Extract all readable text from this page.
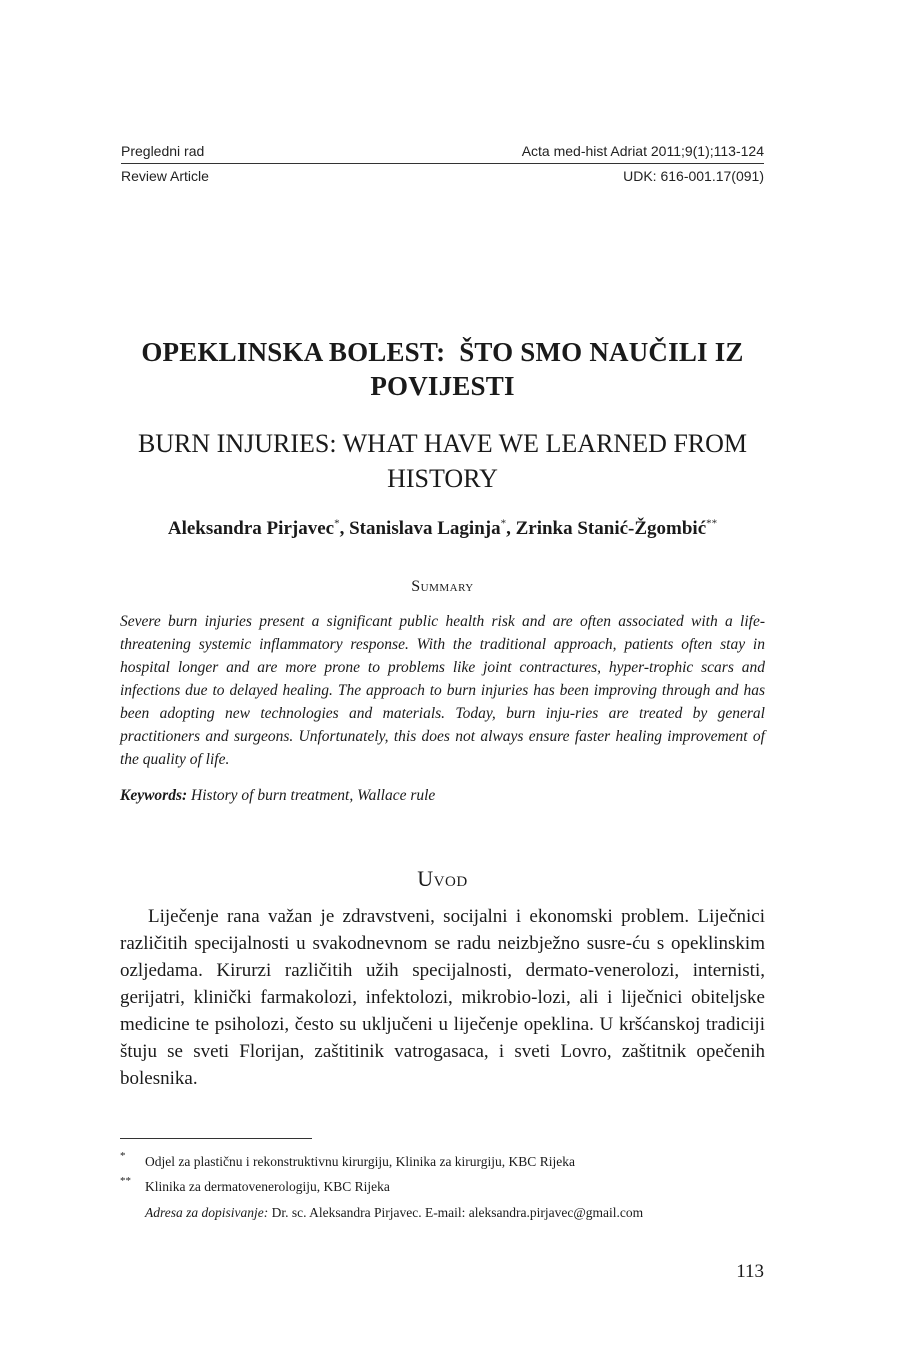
Pregledni rad	Acta med-hist Adriat 2011;9(1);113-124
Review Article	UDK: 616-001.17(091)
OPEKLINSKA BOLEST:  ŠTO SMO NAUČILI IZ
POVIJESTI
BURN INJURIES: WHAT HAVE WE LEARNED FROM
HISTORY
Aleksandra Pirjavec*, Stanislava Laginja*, Zrinka Stanić-Žgombić**
Summary
Severe burn injuries present a significant public health risk and are often associated with a life-threatening systemic inflammatory response. With the traditional approach, patients often stay in hospital longer and are more prone to problems like joint contractures, hyper-trophic scars and infections due to delayed healing. The approach to burn injuries has been improving through and has been adopting new technologies and materials. Today, burn inju-ries are treated by general practitioners and surgeons. Unfortunately, this does not always ensure faster healing improvement of the quality of life.
Keywords: History of burn treatment, Wallace rule
Uvod
Liječenje rana važan je zdravstveni, socijalni i ekonomski problem. Liječnici različitih specijalnosti u svakodnevnom se radu neizbježno susre-ću s opeklinskim ozljedama. Kirurzi različitih užih specijalnosti, dermato-venerolozi, internisti, gerijatri, klinički farmakolozi, infektolozi, mikrobio-lozi, ali i liječnici obiteljske medicine te psiholozi, često su uključeni u liječenje opeklina. U kršćanskoj tradiciji štuju se sveti Florijan, zaštitinik vatrogasaca, i sveti Lovro, zaštitnik opečenih bolesnika.
* Odjel za plastičnu i rekonstruktivnu kirurgiju, Klinika za kirurgiju, KBC Rijeka
** Klinika za dermatovenerologiju, KBC Rijeka
Adresa za dopisivanje: Dr. sc. Aleksandra Pirjavec. E-mail: aleksandra.pirjavec@gmail.com
113
